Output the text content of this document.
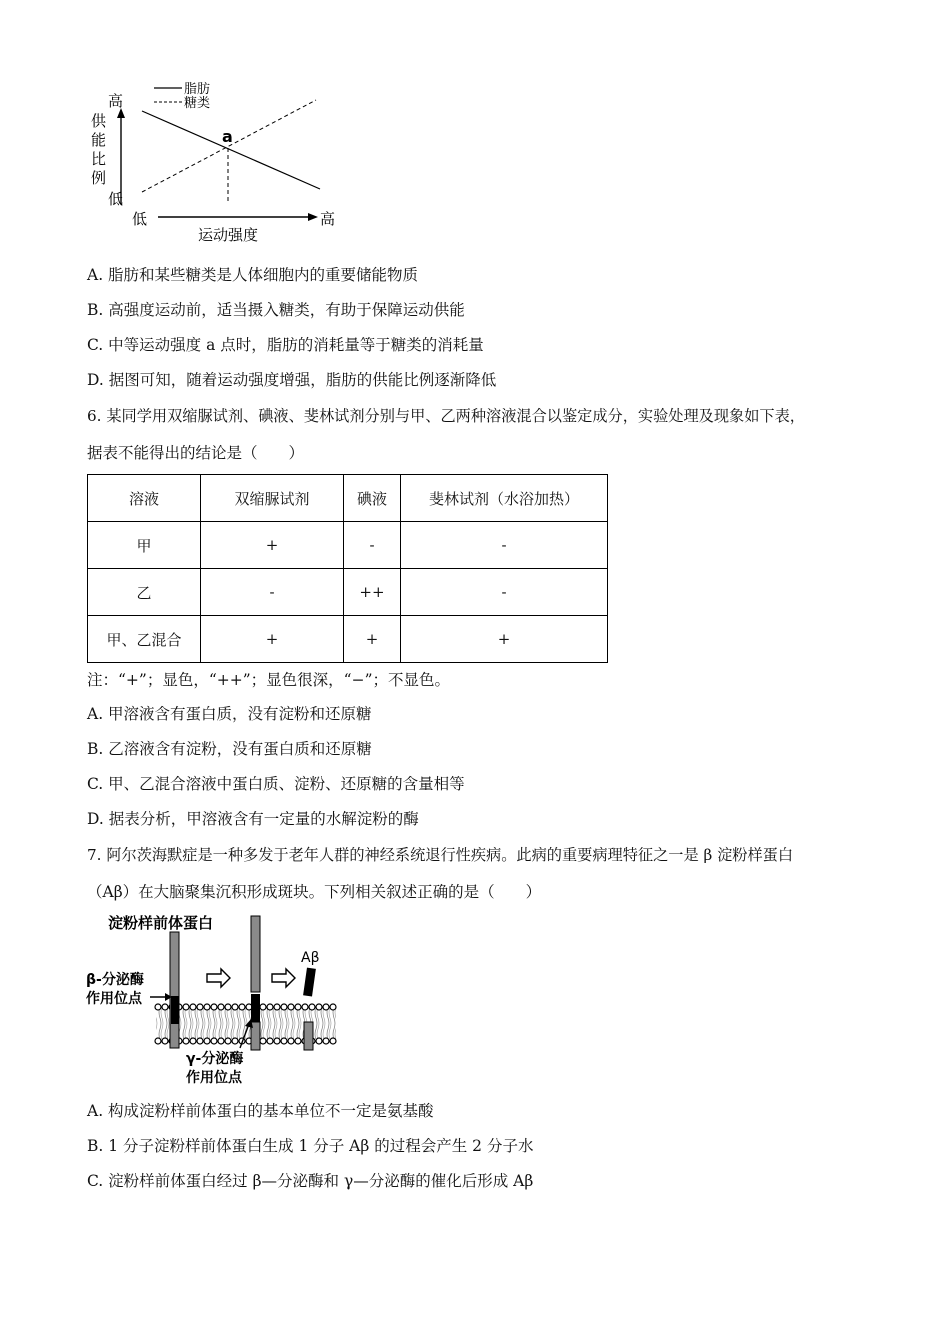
脂肪
糖类
高
供
能
比
例
低
低	高
运动强度
a
A. 脂肪和某些糖类是人体细胞内的重要储能物质
B. 高强度运动前，适当摄入糖类，有助于保障运动供能
C. 中等运动强度 a 点时，脂肪的消耗量等于糖类的消耗量
D. 据图可知，随着运动强度增强，脂肪的供能比例逐渐降低
6. 某同学用双缩脲试剂、碘液、斐林试剂分别与甲、乙两种溶液混合以鉴定成分，实验处理及现象如下表，
据表不能得出的结论是（　　）
溶液	双缩脲试剂	碘液	斐林试剂（水浴加热）
甲	+	-	-
乙	-	++	-
甲、乙混合	+	+	+
注：“+”；显色，“++”；显色很深，“−”；不显色。
A. 甲溶液含有蛋白质，没有淀粉和还原糖
B. 乙溶液含有淀粉，没有蛋白质和还原糖
C. 甲、乙混合溶液中蛋白质、淀粉、还原糖的含量相等
D. 据表分析，甲溶液含有一定量的水解淀粉的酶
7. 阿尔茨海默症是一种多发于老年人群的神经系统退行性疾病。此病的重要病理特征之一是 β 淀粉样蛋白
（Aβ）在大脑聚集沉积形成斑块。下列相关叙述正确的是（　　）
淀粉样前体蛋白
β-分泌酶
作用位点
γ-分泌酶
作用位点
Aβ
A. 构成淀粉样前体蛋白的基本单位不一定是氨基酸
B. 1 分子淀粉样前体蛋白生成 1 分子 Aβ 的过程会产生 2 分子水
C. 淀粉样前体蛋白经过 β—分泌酶和 γ—分泌酶的催化后形成 Aβ
